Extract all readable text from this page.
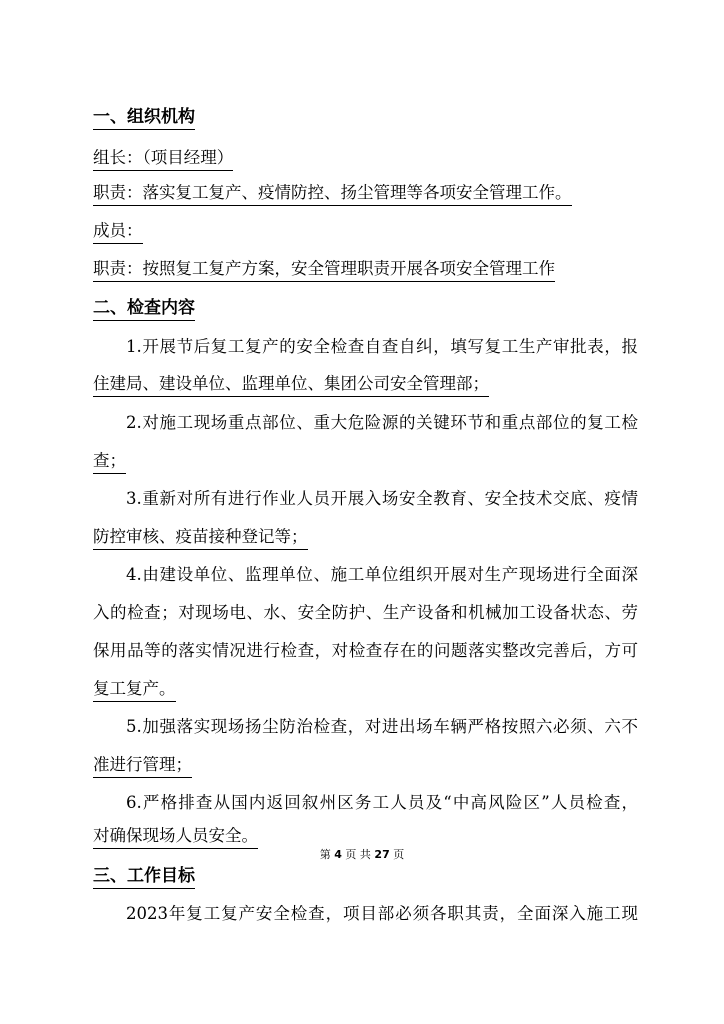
一、组织机构
组长：（项目经理）
职责：落实复工复产、疫情防控、扬尘管理等各项安全管理工作。
成员：
职责：按照复工复产方案，安全管理职责开展各项安全管理工作
二、检查内容
1.开展节后复工复产的安全检查自查自纠，填写复工生产审批表，报
住建局、建设单位、监理单位、集团公司安全管理部；
2.对施工现场重点部位、重大危险源的关键环节和重点部位的复工检
查；
3.重新对所有进行作业人员开展入场安全教育、安全技术交底、疫情
防控审核、疫苗接种登记等；
4.由建设单位、监理单位、施工单位组织开展对生产现场进行全面深
入的检查；对现场电、水、安全防护、生产设备和机械加工设备状态、劳
保用品等的落实情况进行检查，对检查存在的问题落实整改完善后，方可
复工复产。
5.加强落实现场扬尘防治检查，对进出场车辆严格按照六必须、六不
准进行管理；
6.严格排查从国内返回叙州区务工人员及“中高风险区”人员检查，
对确保现场人员安全。
第 4 页 共 27 页
三、工作目标
2023年复工复产安全检查，项目部必须各职其责，全面深入施工现
